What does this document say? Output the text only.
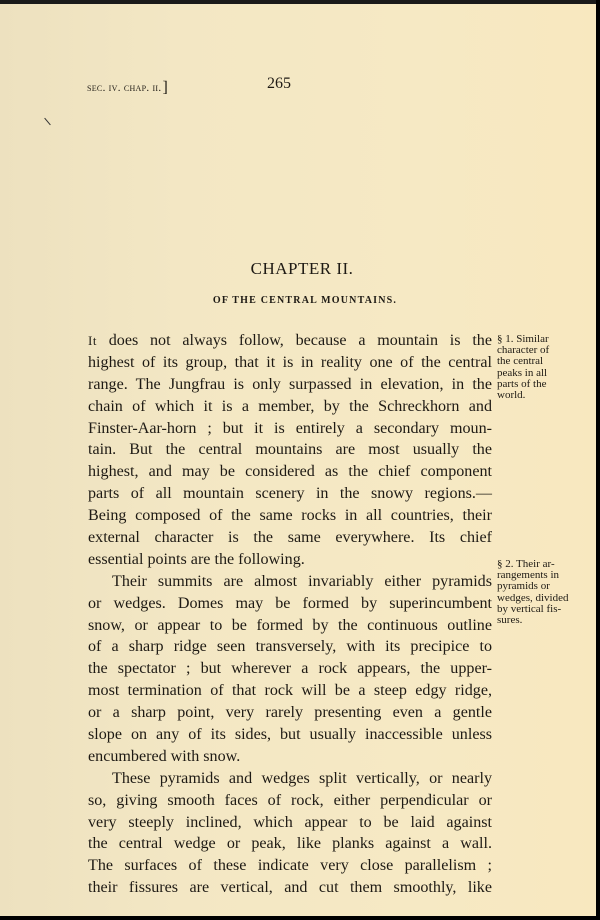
sec. iv. chap. ii.]	265
CHAPTER II.
OF THE CENTRAL MOUNTAINS.
It does not always follow, because a mountain is the
highest of its group, that it is in reality one of the central
range. The Jungfrau is only surpassed in elevation, in the
chain of which it is a member, by the Schreckhorn and
Finster-Aar-horn ; but it is entirely a secondary moun-
tain. But the central mountains are most usually the
highest, and may be considered as the chief component
parts of all mountain scenery in the snowy regions.—
Being composed of the same rocks in all countries, their
external character is the same everywhere. Its chief
essential points are the following.
Their summits are almost invariably either pyramids
or wedges. Domes may be formed by superincumbent
snow, or appear to be formed by the continuous outline
of a sharp ridge seen transversely, with its precipice to
the spectator ; but wherever a rock appears, the upper-
most termination of that rock will be a steep edgy ridge,
or a sharp point, very rarely presenting even a gentle
slope on any of its sides, but usually inaccessible unless
encumbered with snow.
These pyramids and wedges split vertically, or nearly
so, giving smooth faces of rock, either perpendicular or
very steeply inclined, which appear to be laid against
the central wedge or peak, like planks against a wall.
The surfaces of these indicate very close parallelism ;
their fissures are vertical, and cut them smoothly, like
§ 1. Similar
character of
the central
peaks in all
parts of the
world.
§ 2. Their ar-
rangements in
pyramids or
wedges, divided
by vertical fis-
sures.
